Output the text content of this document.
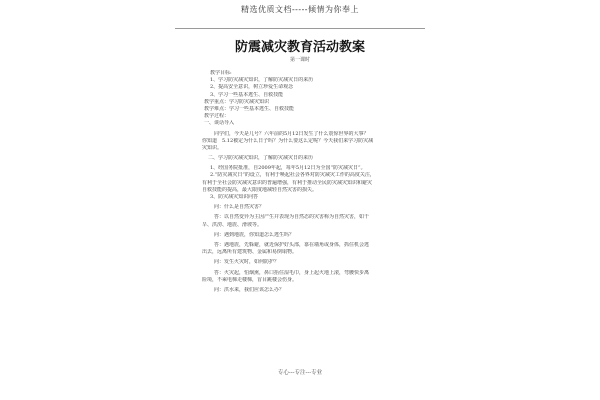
精选优质文档-----倾情为你奉上
防震减灾教育活动教案
第一课时
教学目标:
1、学习防灾减灾知识，了解防灾减灾日的来历
2、提高安全意识，树立珍爱生命观念
3、学习一些基本逃生、自救技能
教学重点：学习防灾减灾知识
教学难点：学习一些基本逃生、自救技能
教学过程：
一、谈话导入
同学们，今天是几号？六年前的5月12日发生了什么震惊世界的大事？
你知道　5.12被定为什么日子吗？为什么要这么定呢？今天我们来学习防灾减
灾知识。
二、学习防灾减灾知识，了解防灾减灾日的来历
1、经国务院批准，自2009年起，每年5月12日为全国“防灾减灾日”。
2.“防灾减灾日”的设立，有利于唤起社会各界对防灾减灾工作的高度关注，
有利于全社会防灾减灾意识的普遍增强，有利于推动全民防灾减灾知识和避灾
自救技能的提高，最大限度地减轻自然灾害的损失。
3、防灾减灾知识问答
问：什么是自然灾害？
答：以自然变异为主因产生并表现为自然态的灾害称为自然灾害，如干
旱、洪涝、地震、滑坡等。
问：遇到地震，你知道怎么逃生吗？
答：遇地震，先躲避，就近保护好头部，靠在墙角或身体，抓住机会逃
出去，远离所有建筑物、金属和易倒塌物。
问：发生火灾时，如何防护？
答：火灾起，怕烟熏，鼻口捂住湿毛巾，身上起火地上滚，弯腰快步离
险境，不乘电梯走楼梯，盲目跳楼会伤身。
问：洪水来，我们应该怎么办？
专心---专注---专业
